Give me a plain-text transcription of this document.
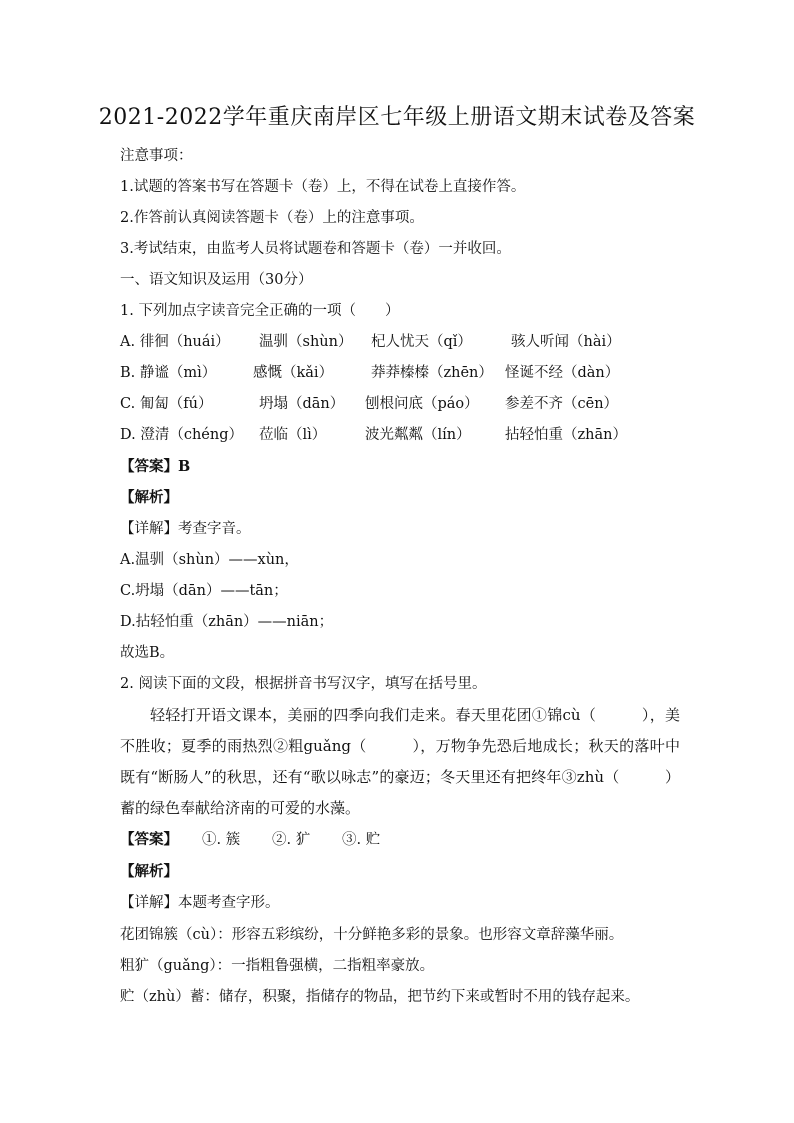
2021-2022学年重庆南岸区七年级上册语文期末试卷及答案
注意事项：
1.试题的答案书写在答题卡（卷）上，不得在试卷上直接作答。
2.作答前认真阅读答题卡（卷）上的注意事项。
3.考试结束，由监考人员将试题卷和答题卡（卷）一并收回。
一、语文知识及运用（30分）
1. 下列加点字读音完全正确的一项（　　）
A. 徘徊（huái） 温驯（shùn） 杞人忧天（qǐ）	骇人听闻（hài）
B. 静谧（mì）	感慨（kǎi）	莽莽榛榛（zhēn） 怪诞不经（dàn）
C. 匍匐（fú）	坍塌（dān） 刨根问底（páo） 参差不齐（cēn）
D. 澄清（chéng） 莅临（lì）	波光粼粼（lín） 拈轻怕重（zhān）
【答案】B
【解析】
【详解】考查字音。
A.温驯（shùn）——xùn，
C.坍塌（dān）——tān；
D.拈轻怕重（zhān）——niān；
故选B。
2. 阅读下面的文段，根据拼音书写汉字，填写在括号里。
轻轻打开语文课本，美丽的四季向我们走来。春天里花团①锦cù（　　　），美不胜收；夏季的雨热烈②粗guǎng（　　　），万物争先恐后地成长；秋天的落叶中既有“断肠人”的秋思，还有“歌以咏志”的豪迈；冬天里还有把终年③zhù（　　　）蓄的绿色奉献给济南的可爱的水藻。
【答案】 ①. 簇 ②. 犷 ③. 贮
【解析】
【详解】本题考查字形。
花团锦簇（cù）：形容五彩缤纷，十分鲜艳多彩的景象。也形容文章辞藻华丽。
粗犷（guǎng）：一指粗鲁强横，二指粗率豪放。
贮（zhù）蓄：储存，积聚，指储存的物品，把节约下来或暂时不用的钱存起来。
